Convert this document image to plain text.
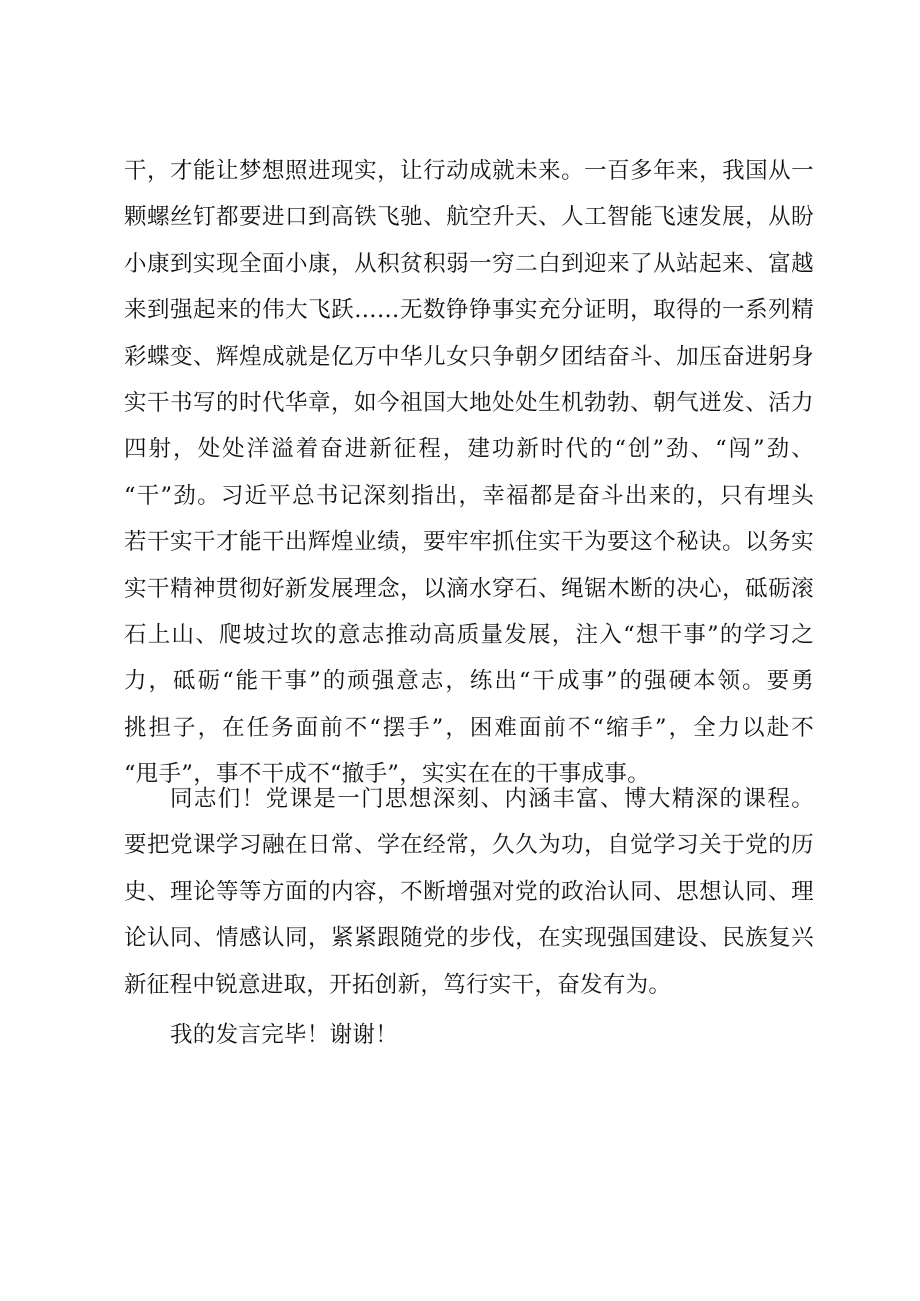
干，才能让梦想照进现实，让行动成就未来。一百多年来，我国从一
颗螺丝钉都要进口到高铁飞驰、航空升天、人工智能飞速发展，从盼
小康到实现全面小康，从积贫积弱一穷二白到迎来了从站起来、富越
来到强起来的伟大飞跃……无数铮铮事实充分证明，取得的一系列精
彩蝶变、辉煌成就是亿万中华儿女只争朝夕团结奋斗、加压奋进躬身
实干书写的时代华章，如今祖国大地处处生机勃勃、朝气迸发、活力
四射，处处洋溢着奋进新征程，建功新时代的“创”劲、“闯”劲、
“干”劲。习近平总书记深刻指出，幸福都是奋斗出来的，只有埋头
若干实干才能干出辉煌业绩，要牢牢抓住实干为要这个秘诀。以务实
实干精神贯彻好新发展理念，以滴水穿石、绳锯木断的决心，砥砺滚
石上山、爬坡过坎的意志推动高质量发展，注入“想干事”的学习之
力，砥砺“能干事”的顽强意志，练出“干成事”的强硬本领。要勇
挑担子，在任务面前不“摆手”，困难面前不“缩手”，全力以赴不
“甩手”，事不干成不“撤手”，实实在在的干事成事。
同志们！党课是一门思想深刻、内涵丰富、博大精深的课程。
要把党课学习融在日常、学在经常，久久为功，自觉学习关于党的历
史、理论等等方面的内容，不断增强对党的政治认同、思想认同、理
论认同、情感认同，紧紧跟随党的步伐，在实现强国建设、民族复兴
新征程中锐意进取，开拓创新，笃行实干，奋发有为。
我的发言完毕！谢谢！
